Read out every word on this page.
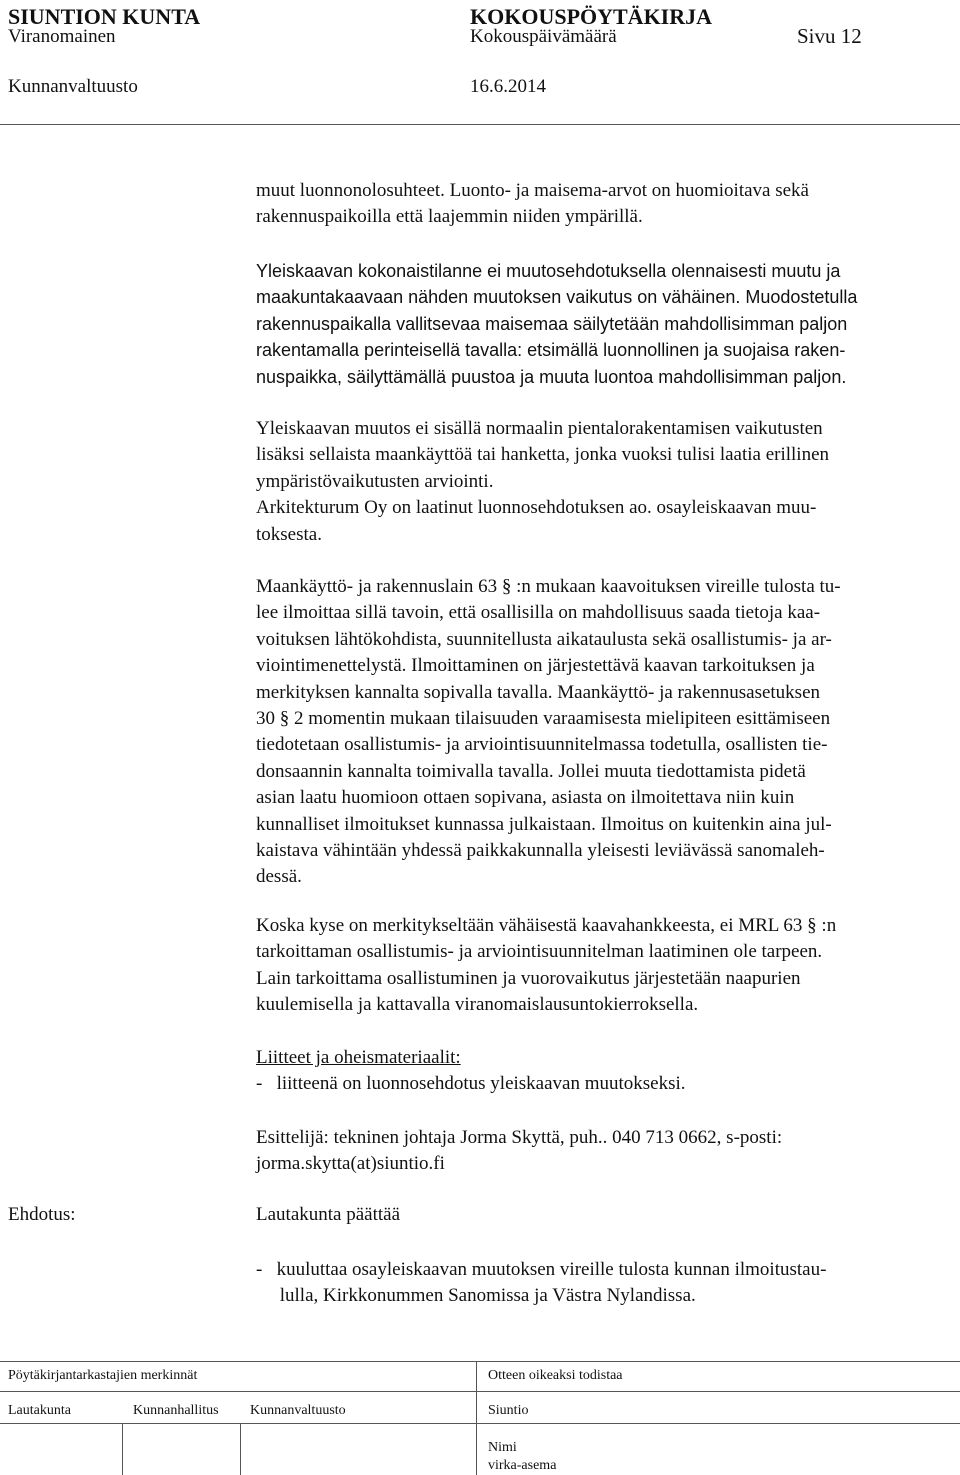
SIUNTION KUNTA	KOKOUSPÖYTÄKIRJA
Viranomainen	Kokouspäivämäärä	Sivu 12
Kunnanvaltuusto	16.6.2014
muut luonnonolosuhteet. Luonto- ja maisema-arvot on huomioitava sekä
rakennuspaikoilla että laajemmin niiden ympärillä.
Yleiskaavan kokonaistilanne ei muutosehdotuksella olennaisesti muutu ja
maakuntakaavaan nähden muutoksen vaikutus on vähäinen. Muodostetulla
rakennuspaikalla vallitsevaa maisemaa säilytetään mahdollisimman paljon
rakentamalla perinteisellä tavalla: etsimällä luonnollinen ja suojaisa raken-
nuspaikka, säilyttämällä puustoa ja muuta luontoa mahdollisimman paljon.
Yleiskaavan muutos ei sisällä normaalin pientalorakentamisen vaikutusten
lisäksi sellaista maankäyttöä tai hanketta, jonka vuoksi tulisi laatia erillinen
ympäristövaikutusten arviointi.
Arkitekturum Oy on laatinut luonnosehdotuksen ao. osayleiskaavan muu-
toksesta.
Maankäyttö- ja rakennuslain 63 § :n mukaan kaavoituksen vireille tulosta tu-
lee ilmoittaa sillä tavoin, että osallisilla on mahdollisuus saada tietoja kaa-
voituksen lähtökohdista, suunnitellusta aikataulusta sekä osallistumis- ja ar-
viointimenettelystä. Ilmoittaminen on järjestettävä kaavan tarkoituksen ja
merkityksen kannalta sopivalla tavalla. Maankäyttö- ja rakennusasetuksen
30 § 2 momentin mukaan tilaisuuden varaamisesta mielipiteen esittämiseen
tiedotetaan osallistumis- ja arviointisuunnitelmassa todetulla, osallisten tie-
donsaannin kannalta toimivalla tavalla. Jollei muuta tiedottamista pidetä
asian laatu huomioon ottaen sopivana, asiasta on ilmoitettava niin kuin
kunnalliset ilmoitukset kunnassa julkaistaan. Ilmoitus on kuitenkin aina jul-
kaistava vähintään yhdessä paikkakunnalla yleisesti leviävässä sanomaleh-
dessä.
Koska kyse on merkitykseltään vähäisestä kaavahankkeesta, ei MRL 63 § :n
tarkoittaman osallistumis- ja arviointisuunnitelman laatiminen ole tarpeen.
Lain tarkoittama osallistuminen ja vuorovaikutus järjestetään naapurien
kuulemisella ja kattavalla viranomaislausuntokierroksella.
Liitteet ja oheismateriaalit:
-   liitteenä on luonnosehdotus yleiskaavan muutokseksi.
Esittelijä: tekninen johtaja Jorma Skyttä, puh.. 040 713 0662, s-posti:
jorma.skytta(at)siuntio.fi
Ehdotus:	Lautakunta päättää
-   kuuluttaa osayleiskaavan muutoksen vireille tulosta kunnan ilmoitustau-
lulla, Kirkkonummen Sanomissa ja Västra Nylandissa.
Pöytäkirjantarkastajien merkinnät	Otteen oikeaksi todistaa
Lautakunta	Kunnanhallitus Kunnanvaltuusto	Siuntio
Nimi
virka-asema
